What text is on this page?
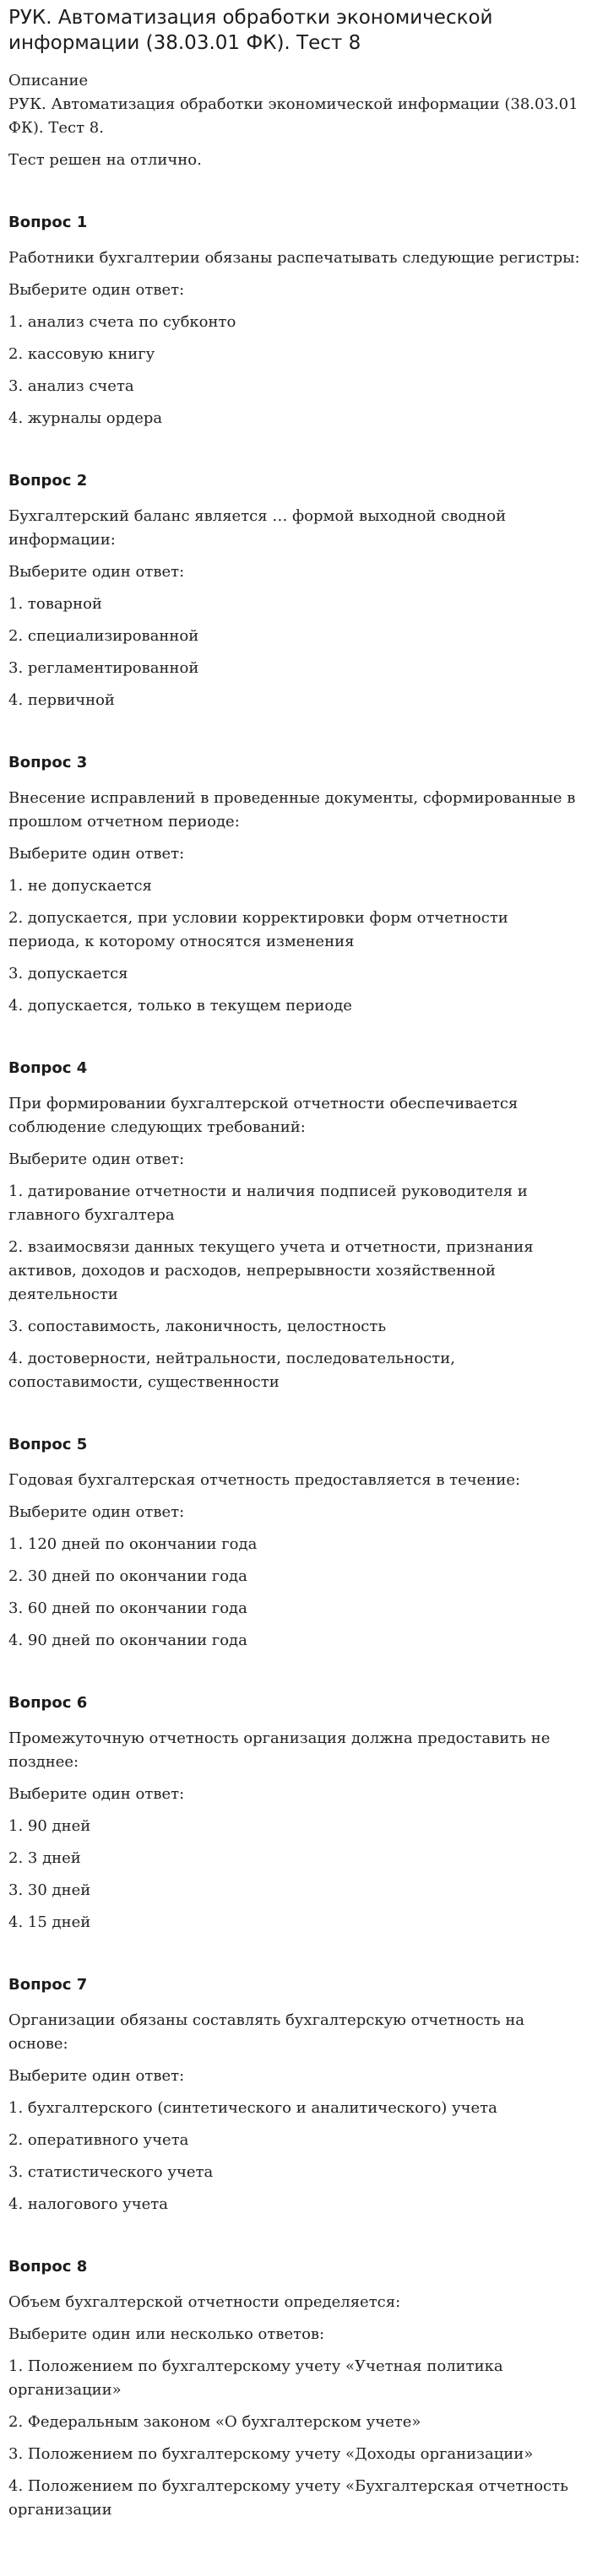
РУК. Автоматизация обработки экономической информации (38.03.01 ФК). Тест 8
Описание
РУК. Автоматизация обработки экономической информации (38.03.01 ФК). Тест 8.
Тест решен на отлично.
Вопрос 1
Работники бухгалтерии обязаны распечатывать следующие регистры:
Выберите один ответ:
1. анализ счета по субконто
2. кассовую книгу
3. анализ счета
4. журналы ордера
Вопрос 2
Бухгалтерский баланс является … формой выходной сводной информации:
Выберите один ответ:
1. товарной
2. специализированной
3. регламентированной
4. первичной
Вопрос 3
Внесение исправлений в проведенные документы, сформированные в прошлом отчетном периоде:
Выберите один ответ:
1. не допускается
2. допускается, при условии корректировки форм отчетности периода, к которому относятся изменения
3. допускается
4. допускается, только в текущем периоде
Вопрос 4
При формировании бухгалтерской отчетности обеспечивается соблюдение следующих требований:
Выберите один ответ:
1. датирование отчетности и наличия подписей руководителя и главного бухгалтера
2. взаимосвязи данных текущего учета и отчетности, признания активов, доходов и расходов, непрерывности хозяйственной деятельности
3. сопоставимость, лаконичность, целостность
4. достоверности, нейтральности, последовательности, сопоставимости, существенности
Вопрос 5
Годовая бухгалтерская отчетность предоставляется в течение:
Выберите один ответ:
1. 120 дней по окончании года
2. 30 дней по окончании года
3. 60 дней по окончании года
4. 90 дней по окончании года
Вопрос 6
Промежуточную отчетность организация должна предоставить не позднее:
Выберите один ответ:
1. 90 дней
2. 3 дней
3. 30 дней
4. 15 дней
Вопрос 7
Организации обязаны составлять бухгалтерскую отчетность на основе:
Выберите один ответ:
1. бухгалтерского (синтетического и аналитического) учета
2. оперативного учета
3. статистического учета
4. налогового учета
Вопрос 8
Объем бухгалтерской отчетности определяется:
Выберите один или несколько ответов:
1. Положением по бухгалтерскому учету «Учетная политика организации»
2. Федеральным законом «О бухгалтерском учете»
3. Положением по бухгалтерскому учету «Доходы организации»
4. Положением по бухгалтерскому учету «Бухгалтерская отчетность организации
